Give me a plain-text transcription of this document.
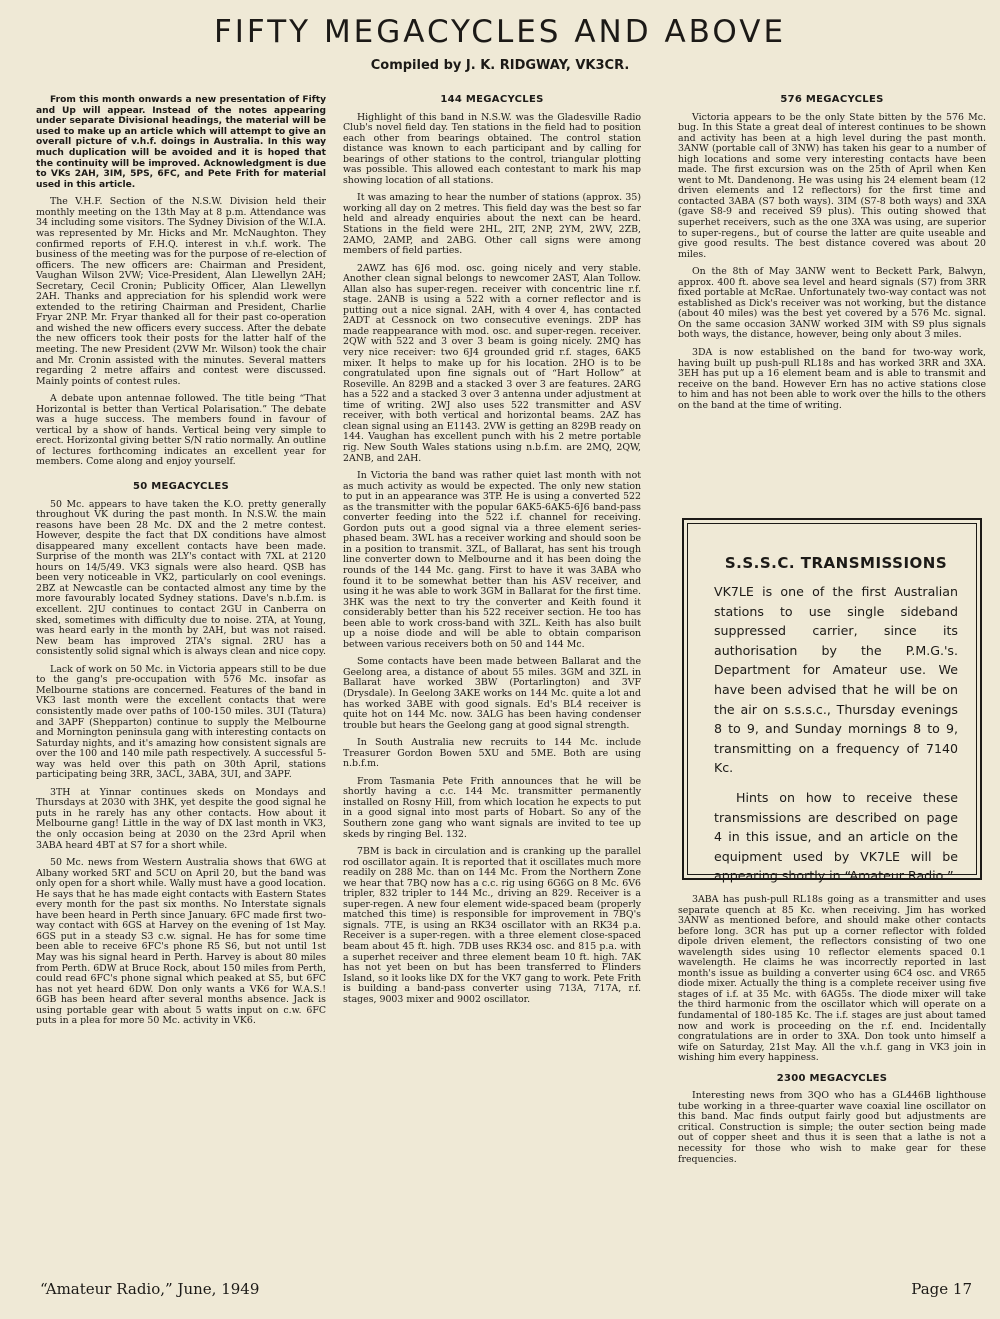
FIFTY MEGACYCLES AND ABOVE
Compiled by J. K. RIDGWAY, VK3CR.

From this month onwards a new presentation of Fifty and Up will appear. Instead of the notes appearing under separate Divisional headings, the material will be used to make up an article which will attempt to give an overall picture of v.h.f. doings in Australia. In this way much duplication will be avoided and it is hoped that the continuity will be improved. Acknowledgment is due to VKs 2AH, 3IM, 5PS, 6FC, and Pete Frith for material used in this article.

The V.H.F. Section of the N.S.W. Division held their monthly meeting on the 13th May at 8 p.m. Attendance was 34 including some visitors. The Sydney Division of the W.I.A. was represented by Mr. Hicks and Mr. McNaughton. They confirmed reports of F.H.Q. interest in v.h.f. work. The business of the meeting was for the purpose of re-election of officers. The new officers are: Chairman and President, Vaughan Wilson 2VW; Vice-President, Alan Llewellyn 2AH; Secretary, Cecil Cronin; Publicity Officer, Alan Llewellyn 2AH. Thanks and appreciation for his splendid work were extended to the retiring Chairman and President, Charlie Fryar 2NP. Mr. Fryar thanked all for their past co-operation and wished the new officers every success. After the debate the new officers took their posts for the latter half of the meeting. The new President (2VW Mr. Wilson) took the chair and Mr. Cronin assisted with the minutes. Several matters regarding 2 metre affairs and contest were discussed. Mainly points of contest rules.

A debate upon antennae followed. The title being “That Horizontal is better than Vertical Polarisation.” The debate was a huge success. The members found in favour of vertical by a show of hands. Vertical being very simple to erect. Horizontal giving better S/N ratio normally. An outline of lectures forthcoming indicates an excellent year for members. Come along and enjoy yourself.

50 MEGACYCLES

50 Mc. appears to have taken the K.O. pretty generally throughout VK during the past month. In N.S.W. the main reasons have been 28 Mc. DX and the 2 metre contest. However, despite the fact that DX conditions have almost disappeared many excellent contacts have been made. Surprise of the month was 2LY's contact with 7XL at 2120 hours on 14/5/49. VK3 signals were also heard. QSB has been very noticeable in VK2, particularly on cool evenings. 2BZ at Newcastle can be contacted almost any time by the more favourably located Sydney stations. Dave's n.b.f.m. is excellent. 2JU continues to contact 2GU in Canberra on sked, sometimes with difficulty due to noise. 2TA, at Young, was heard early in the month by 2AH, but was not raised. New beam has improved 2TA's signal. 2RU has a consistently solid signal which is always clean and nice copy.

Lack of work on 50 Mc. in Victoria appears still to be due to the gang's pre-occupation with 576 Mc. insofar as Melbourne stations are concerned. Features of the band in VK3 last month were the excellent contacts that were consistently made over paths of 100-150 miles. 3UI (Tatura) and 3APF (Shepparton) continue to supply the Melbourne and Mornington peninsula gang with interesting contacts on Saturday nights, and it's amazing how consistent signals are over the 100 and 140 mile path respectively. A successful 5-way was held over this path on 30th April, stations participating being 3RR, 3ACL, 3ABA, 3UI, and 3APF.

3TH at Yinnar continues skeds on Mondays and Thursdays at 2030 with 3HK, yet despite the good signal he puts in he rarely has any other contacts. How about it Melbourne gang! Little in the way of DX last month in VK3, the only occasion being at 2030 on the 23rd April when 3ABA heard 4BT at S7 for a short while.

50 Mc. news from Western Australia shows that 6WG at Albany worked 5RT and 5CU on April 20, but the band was only open for a short while. Wally must have a good location. He says that he has made eight contacts with Eastern States every month for the past six months. No Interstate signals have been heard in Perth since January. 6FC made first two-way contact with 6GS at Harvey on the evening of 1st May. 6GS put in a steady S3 c.w. signal. He has for some time been able to receive 6FC's phone R5 S6, but not until 1st May was his signal heard in Perth. Harvey is about 80 miles from Perth. 6DW at Bruce Rock, about 150 miles from Perth, could read 6FC's phone signal which peaked at S5, but 6FC has not yet heard 6DW. Don only wants a VK6 for W.A.S.! 6GB has been heard after several months absence. Jack is using portable gear with about 5 watts input on c.w. 6FC puts in a plea for more 50 Mc. activity in VK6.

144 MEGACYCLES

Highlight of this band in N.S.W. was the Gladesville Radio Club's novel field day. Ten stations in the field had to position each other from bearings obtained. The control station distance was known to each participant and by calling for bearings of other stations to the control, triangular plotting was possible. This allowed each contestant to mark his map showing location of all stations.

It was amazing to hear the number of stations (approx. 35) working all day on 2 metres. This field day was the best so far held and already enquiries about the next can be heard. Stations in the field were 2HL, 2IT, 2NP, 2YM, 2WV, 2ZB, 2AMO, 2AMP, and 2ABG. Other call signs were among members of field parties.

2AWZ has 6J6 mod. osc. going nicely and very stable. Another clean signal belongs to newcomer 2AST, Alan Tollow. Allan also has super-regen. receiver with concentric line r.f. stage. 2ANB is using a 522 with a corner reflector and is putting out a nice signal. 2AH, with 4 over 4, has contacted 2ADT at Cessnock on two consecutive evenings. 2DP has made reappearance with mod. osc. and super-regen. receiver. 2QW with 522 and 3 over 3 beam is going nicely. 2MQ has very nice receiver: two 6J4 grounded grid r.f. stages, 6AK5 mixer. It helps to make up for his location. 2HO is to be congratulated upon fine signals out of “Hart Hollow” at Roseville. An 829B and a stacked 3 over 3 are features. 2ARG has a 522 and a stacked 3 over 3 antenna under adjustment at time of writing. 2WJ also uses 522 transmitter and ASV receiver, with both vertical and horizontal beams. 2AZ has clean signal using an E1143. 2VW is getting an 829B ready on 144. Vaughan has excellent punch with his 2 metre portable rig. New South Wales stations using n.b.f.m. are 2MQ, 2QW, 2ANB, and 2AH.

In Victoria the band was rather quiet last month with not as much activity as would be expected. The only new station to put in an appearance was 3TP. He is using a converted 522 as the transmitter with the popular 6AK5-6AK5-6J6 band-pass converter feeding into the 522 i.f. channel for receiving. Gordon puts out a good signal via a three element series-phased beam. 3WL has a receiver working and should soon be in a position to transmit. 3ZL, of Ballarat, has sent his trough line converter down to Melbourne and it has been doing the rounds of the 144 Mc. gang. First to have it was 3ABA who found it to be somewhat better than his ASV receiver, and using it he was able to work 3GM in Ballarat for the first time. 3HK was the next to try the converter and Keith found it considerably better than his 522 receiver section. He too has been able to work cross-band with 3ZL. Keith has also built up a noise diode and will be able to obtain comparison between various receivers both on 50 and 144 Mc.

Some contacts have been made between Ballarat and the Geelong area, a distance of about 55 miles. 3GM and 3ZL in Ballarat have worked 3BW (Portarlington) and 3VF (Drysdale). In Geelong 3AKE works on 144 Mc. quite a lot and has worked 3ABE with good signals. Ed's BL4 receiver is quite hot on 144 Mc. now. 3ALG has been having condenser trouble but hears the Geelong gang at good signal strength.

In South Australia new recruits to 144 Mc. include Treasurer Gordon Bowen 5XU and 5ME. Both are using n.b.f.m.

From Tasmania Pete Frith announces that he will be shortly having a c.c. 144 Mc. transmitter permanently installed on Rosny Hill, from which location he expects to put in a good signal into most parts of Hobart. So any of the Southern zone gang who want signals are invited to tee up skeds by ringing Bel. 132.

7BM is back in circulation and is cranking up the parallel rod oscillator again. It is reported that it oscillates much more readily on 288 Mc. than on 144 Mc. From the Northern Zone we hear that 7BQ now has a c.c. rig using 6G6G on 8 Mc. 6V6 tripler, 832 tripler to 144 Mc., driving an 829. Receiver is a super-regen. A new four element wide-spaced beam (properly matched this time) is responsible for improvement in 7BQ's signals. 7TE, is using an RK34 oscillator with an RK34 p.a. Receiver is a super-regen. with a three element close-spaced beam about 45 ft. high. 7DB uses RK34 osc. and 815 p.a. with a superhet receiver and three element beam 10 ft. high. 7AK has not yet been on but has been transferred to Flinders Island, so it looks like DX for the VK7 gang to work. Pete Frith is building a band-pass converter using 713A, 717A, r.f. stages, 9003 mixer and 9002 oscillator.

576 MEGACYCLES

Victoria appears to be the only State bitten by the 576 Mc. bug. In this State a great deal of interest continues to be shown and activity has been at a high level during the past month. 3ANW (portable call of 3NW) has taken his gear to a number of high locations and some very interesting contacts have been made. The first excursion was on the 25th of April when Ken went to Mt. Dandenong. He was using his 24 element beam (12 driven elements and 12 reflectors) for the first time and contacted 3ABA (S7 both ways). 3IM (S7-8 both ways) and 3XA (gave S8-9 and received S9 plus). This outing showed that superhet receivers, such as the one 3XA was using, are superior to super-regens., but of course the latter are quite useable and give good results. The best distance covered was about 20 miles.

On the 8th of May 3ANW went to Beckett Park, Balwyn, approx. 400 ft. above sea level and heard signals (S7) from 3RR fixed portable at McRae. Unfortunately two-way contact was not established as Dick's receiver was not working, but the distance (about 40 miles) was the best yet covered by a 576 Mc. signal. On the same occasion 3ANW worked 3IM with S9 plus signals both ways, the distance, however, being only about 3 miles.

3DA is now established on the band for two-way work, having built up push-pull RL18s and has worked 3RR and 3XA. 3EH has put up a 16 element beam and is able to transmit and receive on the band. However Ern has no active stations close to him and has not been able to work over the hills to the others on the band at the time of writing.

S.S.S.C. TRANSMISSIONS

VK7LE is one of the first Australian stations to use single sideband suppressed carrier, since its authorisation by the P.M.G.'s. Department for Amateur use. We have been advised that he will be on the air on s.s.s.c., Thursday evenings 8 to 9, and Sunday mornings 8 to 9, transmitting on a frequency of 7140 Kc.

Hints on how to receive these transmissions are described on page 4 in this issue, and an article on the equipment used by VK7LE will be appearing shortly in “Amateur Radio.”

3ABA has push-pull RL18s going as a transmitter and uses separate quench at 85 Kc. when receiving. Jim has worked 3ANW as mentioned before, and should make other contacts before long. 3CR has put up a corner reflector with folded dipole driven element, the reflectors consisting of two one wavelength sides using 10 reflector elements spaced 0.1 wavelength. He claims he was incorrectly reported in last month's issue as building a converter using 6C4 osc. and VR65 diode mixer. Actually the thing is a complete receiver using five stages of i.f. at 35 Mc. with 6AG5s. The diode mixer will take the third harmonic from the oscillator which will operate on a fundamental of 180-185 Kc. The i.f. stages are just about tamed now and work is proceeding on the r.f. end. Incidentally congratulations are in order to 3XA. Don took unto himself a wife on Saturday, 21st May. All the v.h.f. gang in VK3 join in wishing him every happiness.

2300 MEGACYCLES

Interesting news from 3QO who has a GL446B lighthouse tube working in a three-quarter wave coaxial line oscillator on this band. Mac finds output fairly good but adjustments are critical. Construction is simple; the outer section being made out of copper sheet and thus it is seen that a lathe is not a necessity for those who wish to make gear for these frequencies.

“Amateur Radio,” June, 1949	Page 17
